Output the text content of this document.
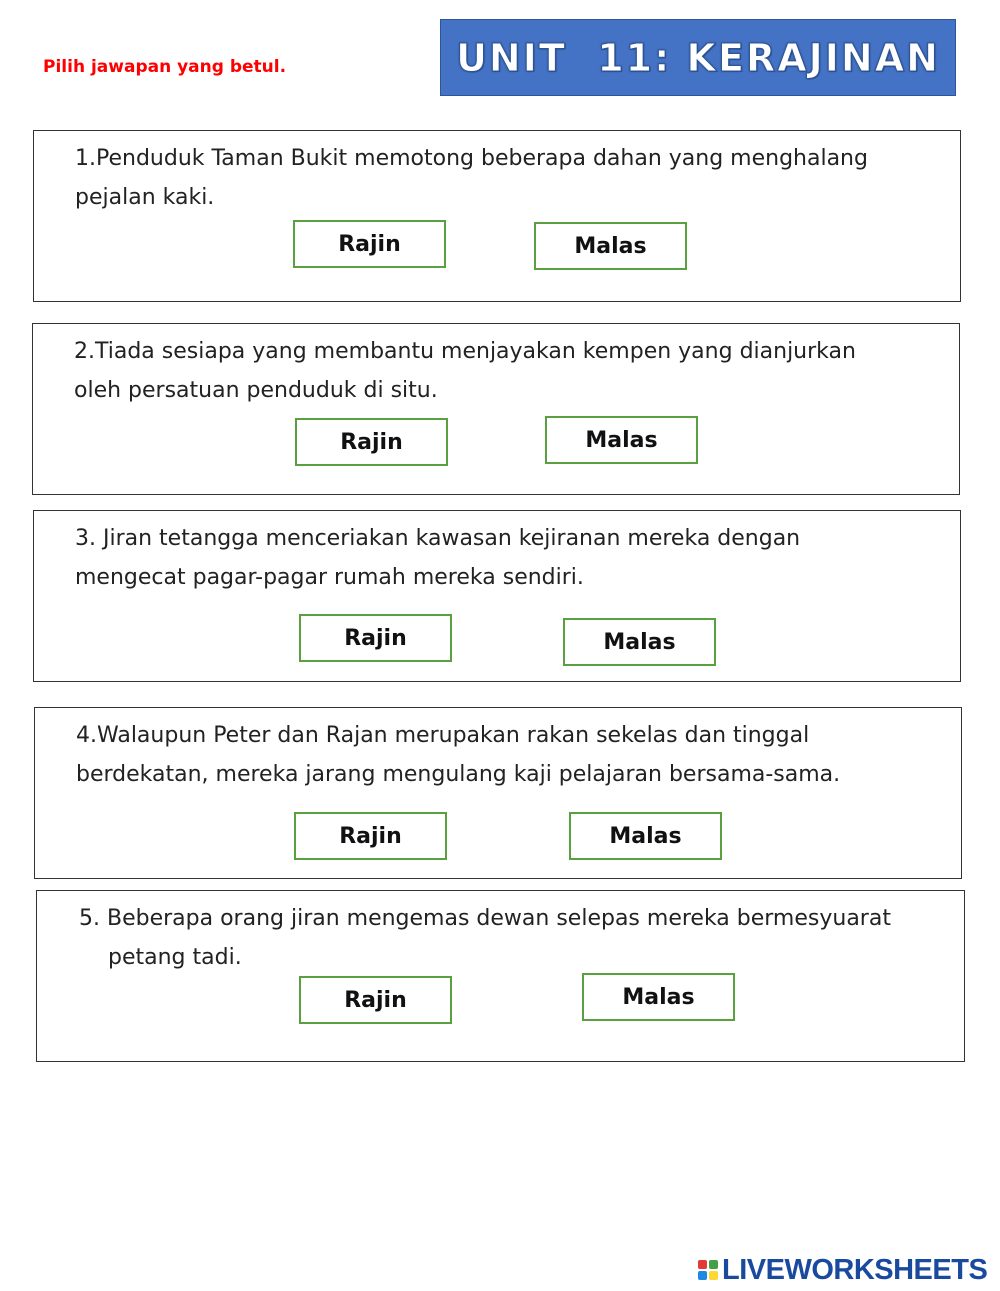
Pilih jawapan yang betul.	UNIT  11: KERAJINAN
1.Penduduk Taman Bukit memotong beberapa dahan yang menghalang
pejalan kaki.
Rajin	Malas
2.Tiada sesiapa yang membantu menjayakan kempen yang dianjurkan
oleh persatuan penduduk di situ.
Rajin	Malas
3. Jiran tetangga menceriakan kawasan kejiranan mereka dengan
mengecat pagar-pagar rumah mereka sendiri.
Rajin	Malas
4.Walaupun Peter dan Rajan merupakan rakan sekelas dan tinggal
berdekatan, mereka jarang mengulang kaji pelajaran bersama-sama.
Rajin	Malas
5. Beberapa orang jiran mengemas dewan selepas mereka bermesyuarat
petang tadi.
Rajin	Malas
LIVEWORKSHEETS
